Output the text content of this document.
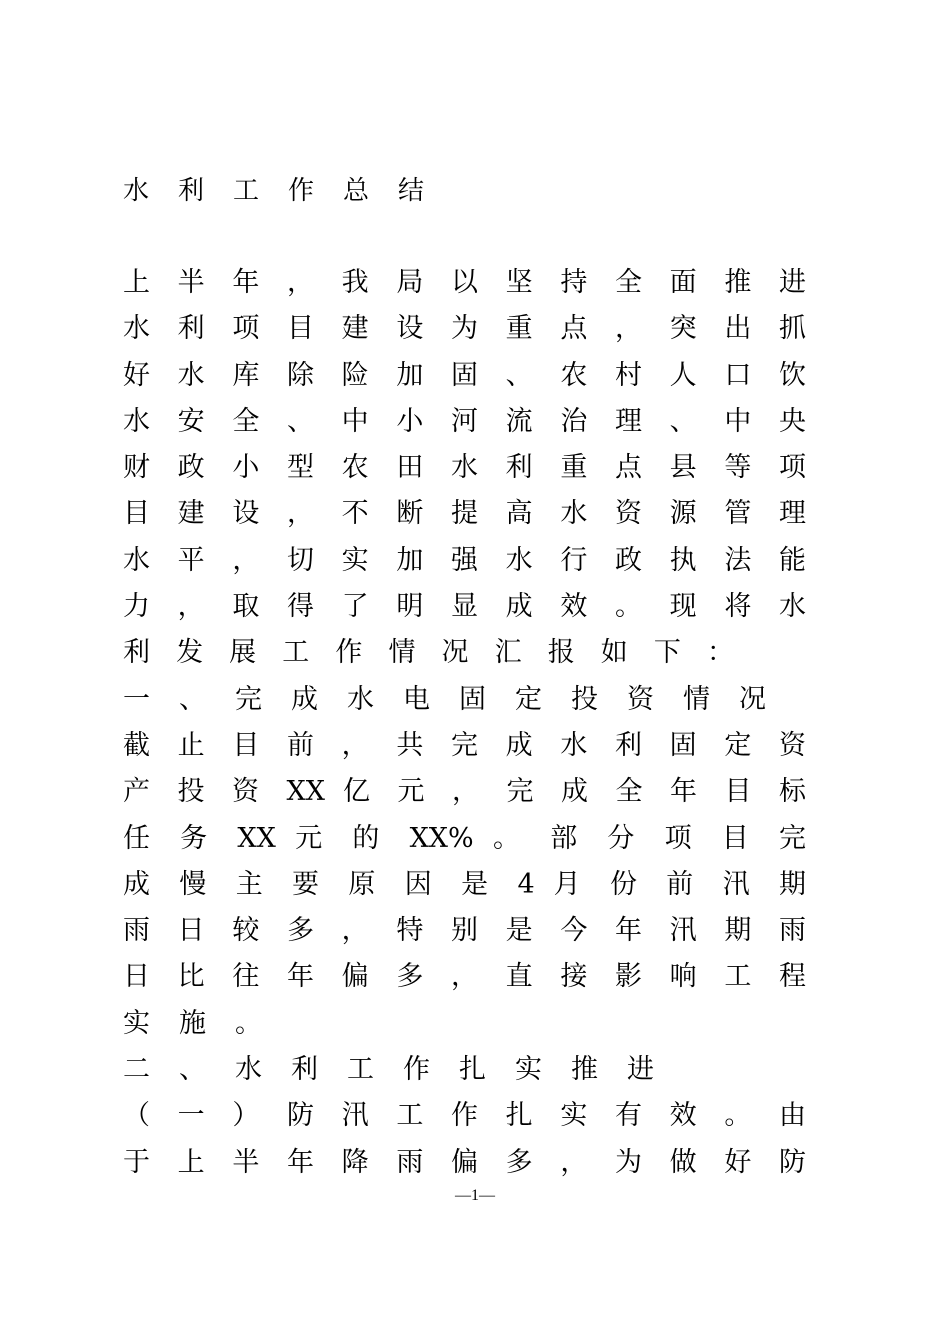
水利工作总结
上 半 年 ， 我 局 以 坚 持 全 面 推 进
水 利 项 目 建 设 为 重 点 ， 突 出 抓
好 水 库 除 险 加 固 、 农 村 人 口 饮
水 安 全 、 中 小 河 流 治 理 、 中 央
财 政 小 型 农 田 水 利 重 点 县 等 项
目 建 设 ， 不 断 提 高 水 资 源 管 理
水 平 ， 切 实 加 强 水 行 政 执 法 能
力 ， 取 得 了 明 显 成 效 。 现 将 水
利 发 展 工 作 情 况 汇 报 如 下 ：
一、完成水电固定投资情况
截 止 目 前 ， 共 完 成 水 利 固 定 资
产 投 资 XX 亿 元 ， 完 成 全 年 目 标
任 务 XX 元 的 XX% 。 部 分 项 目 完
成 慢 主 要 原 因 是 4 月 份 前 汛 期
雨 日 较 多 ， 特 别 是 今 年 汛 期 雨
日 比 往 年 偏 多 ， 直 接 影 响 工 程
实施。
二、水利工作扎实推进
（ 一 ） 防 汛 工 作 扎 实 有 效 。 由
于 上 半 年 降 雨 偏 多 ， 为 做 好 防
—1—
